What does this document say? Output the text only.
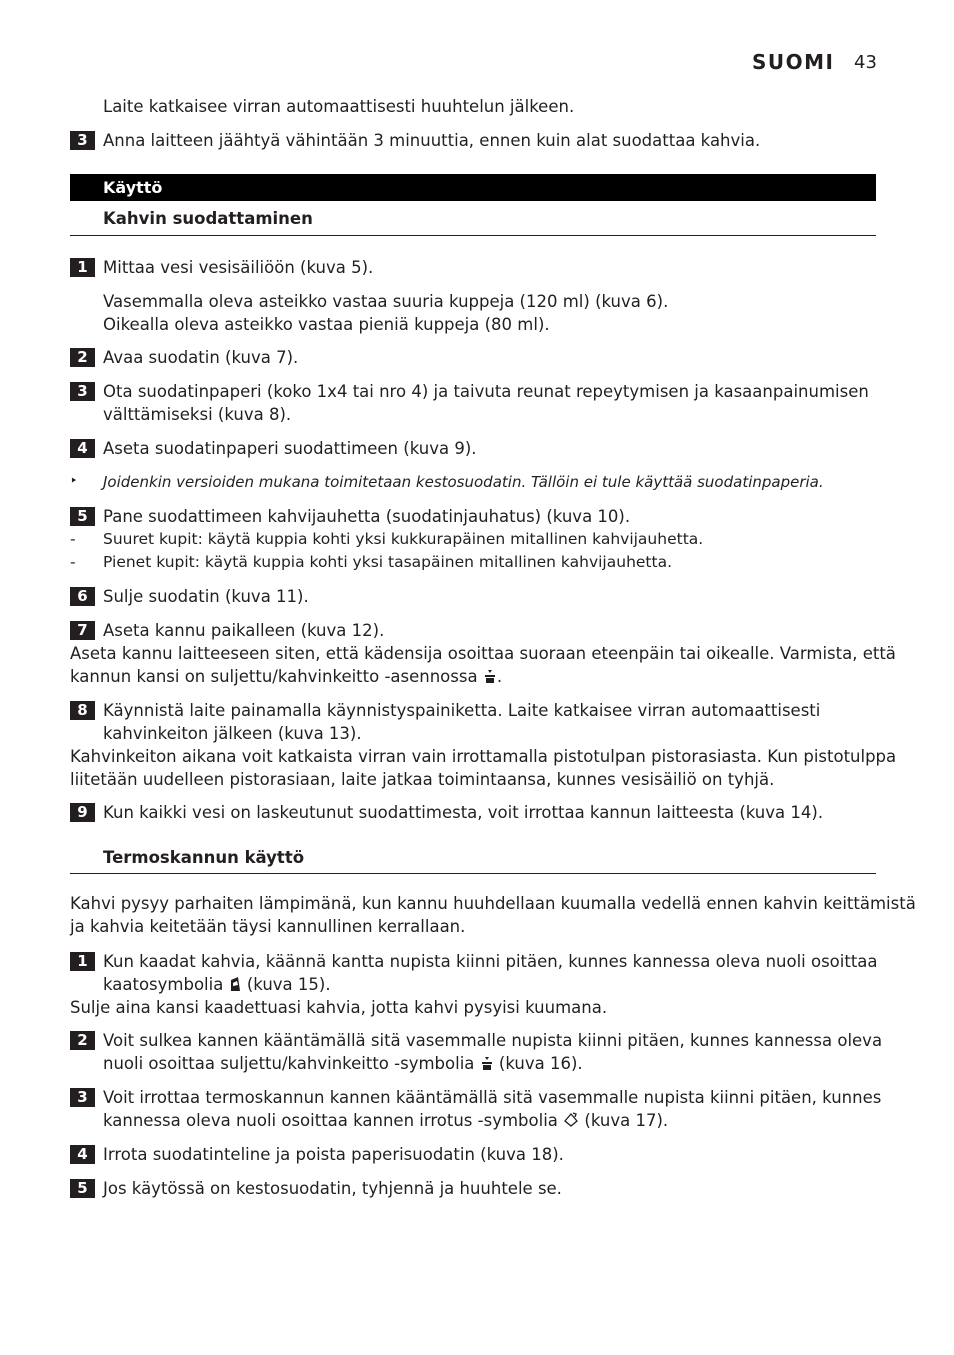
SUOMI 43
Laite katkaisee virran automaattisesti huuhtelun jälkeen.
3 Anna laitteen jäähtyä vähintään 3 minuuttia, ennen kuin alat suodattaa kahvia.
Käyttö
Kahvin suodattaminen
1 Mittaa vesi vesisäiliöön (kuva 5).
Vasemmalla oleva asteikko vastaa suuria kuppeja (120 ml) (kuva 6).
Oikealla oleva asteikko vastaa pieniä kuppeja (80 ml).
2 Avaa suodatin (kuva 7).
3 Ota suodatinpaperi (koko 1x4 tai nro 4) ja taivuta reunat repeytymisen ja kasaanpainumisen
välttämiseksi (kuva 8).
4 Aseta suodatinpaperi suodattimeen (kuva 9).
‣ Joidenkin versioiden mukana toimitetaan kestosuodatin. Tällöin ei tule käyttää suodatinpaperia.
5 Pane suodattimeen kahvijauhetta (suodatinjauhatus) (kuva 10).
- Suuret kupit: käytä kuppia kohti yksi kukkurapäinen mitallinen kahvijauhetta.
- Pienet kupit: käytä kuppia kohti yksi tasapäinen mitallinen kahvijauhetta.
6 Sulje suodatin (kuva 11).
7 Aseta kannu paikalleen (kuva 12).
Aseta kannu laitteeseen siten, että kädensija osoittaa suoraan eteenpäin tai oikealle. Varmista, että
kannun kansi on suljettu/kahvinkeitto -asennossa .
8 Käynnistä laite painamalla käynnistyspainiketta. Laite katkaisee virran automaattisesti
kahvinkeiton jälkeen (kuva 13).
Kahvinkeiton aikana voit katkaista virran vain irrottamalla pistotulpan pistorasiasta. Kun pistotulppa
liitetään uudelleen pistorasiaan, laite jatkaa toimintaansa, kunnes vesisäiliö on tyhjä.
9 Kun kaikki vesi on laskeutunut suodattimesta, voit irrottaa kannun laitteesta (kuva 14).
Termoskannun käyttö
Kahvi pysyy parhaiten lämpimänä, kun kannu huuhdellaan kuumalla vedellä ennen kahvin keittämistä
ja kahvia keitetään täysi kannullinen kerrallaan.
1 Kun kaadat kahvia, käännä kantta nupista kiinni pitäen, kunnes kannessa oleva nuoli osoittaa
kaatosymbolia (kuva 15).
Sulje aina kansi kaadettuasi kahvia, jotta kahvi pysyisi kuumana.
2 Voit sulkea kannen kääntämällä sitä vasemmalle nupista kiinni pitäen, kunnes kannessa oleva
nuoli osoittaa suljettu/kahvinkeitto -symbolia (kuva 16).
3 Voit irrottaa termoskannun kannen kääntämällä sitä vasemmalle nupista kiinni pitäen, kunnes
kannessa oleva nuoli osoittaa kannen irrotus -symbolia (kuva 17).
4 Irrota suodatinteline ja poista paperisuodatin (kuva 18).
5 Jos käytössä on kestosuodatin, tyhjennä ja huuhtele se.
